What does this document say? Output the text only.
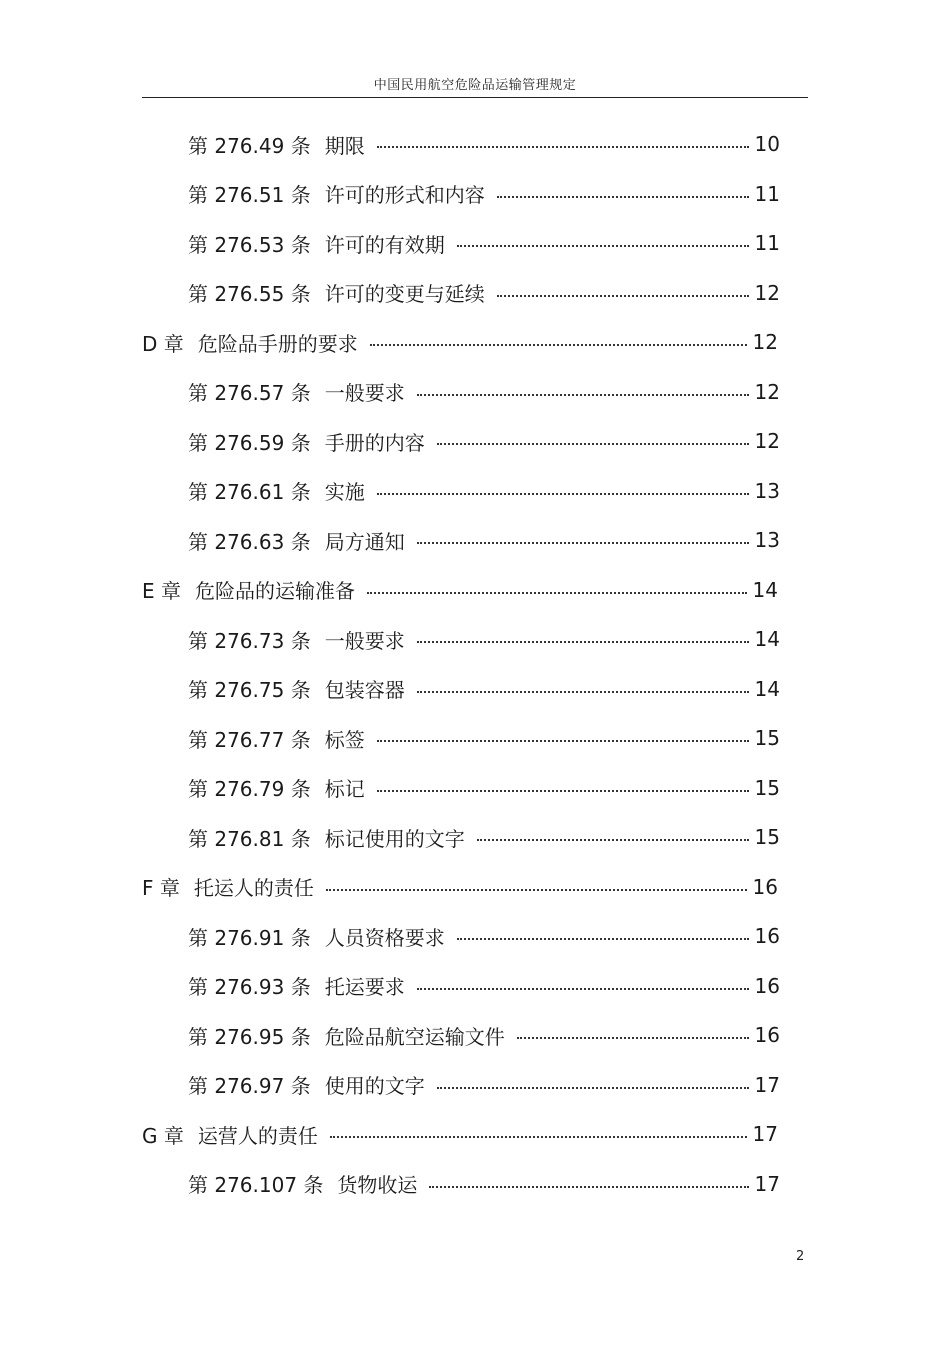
中国民用航空危险品运输管理规定
第 276.49 条 期限	10
第 276.51 条 许可的形式和内容	11
第 276.53 条 许可的有效期	11
第 276.55 条 许可的变更与延续	12
D 章 危险品手册的要求	12
第 276.57 条 一般要求	12
第 276.59 条 手册的内容	12
第 276.61 条 实施	13
第 276.63 条 局方通知	13
E 章 危险品的运输准备	14
第 276.73 条 一般要求	14
第 276.75 条 包装容器	14
第 276.77 条 标签	15
第 276.79 条 标记	15
第 276.81 条 标记使用的文字	15
F 章 托运人的责任	16
第 276.91 条 人员资格要求	16
第 276.93 条 托运要求	16
第 276.95 条 危险品航空运输文件	16
第 276.97 条 使用的文字	17
G 章 运营人的责任	17
第 276.107 条 货物收运	17
2
